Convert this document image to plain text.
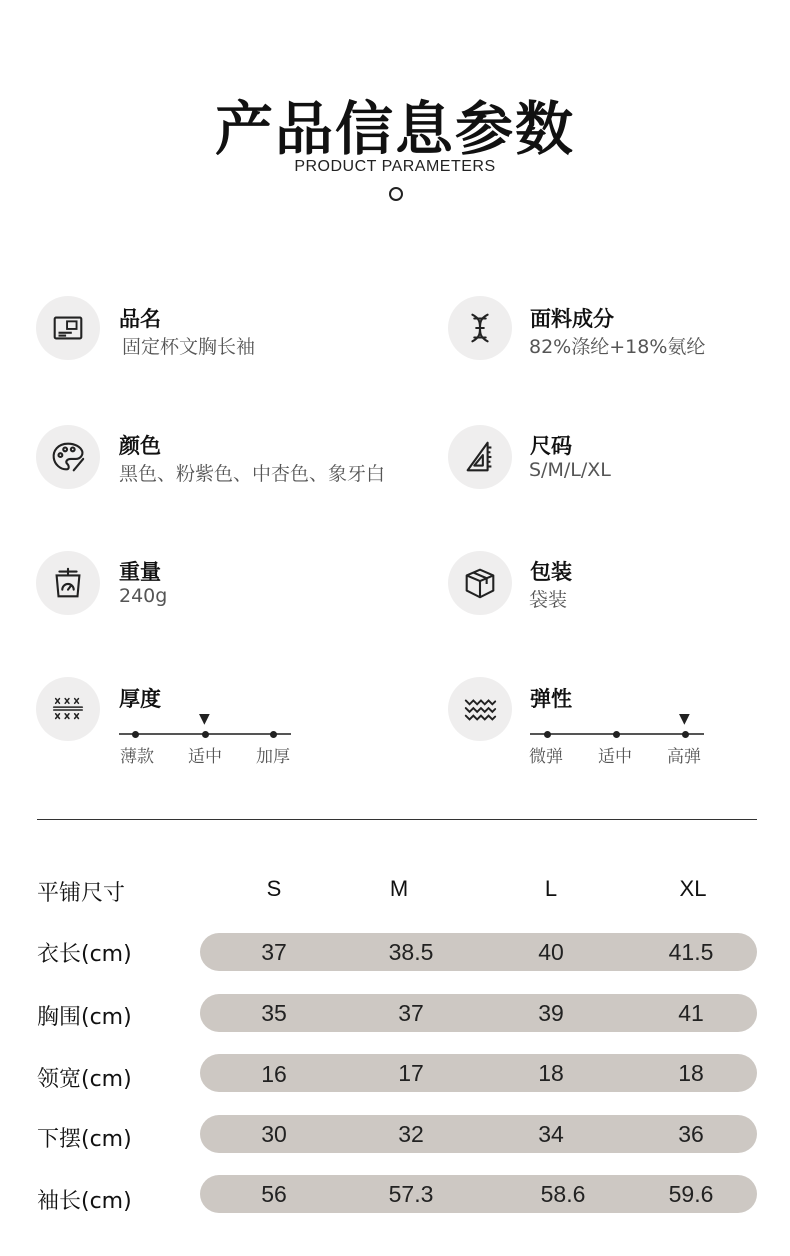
产品信息参数
PRODUCT PARAMETERS
品名
固定杯文胸长袖
面料成分
82%涤纶+18%氨纶
颜色
黑色、粉紫色、中杏色、象牙白
尺码
S/M/L/XL
重量
240g
包装
袋装
厚度
▼
薄款 适中 加厚
弹性
▼
微弹 适中 高弹
平铺尺寸	S	M	L	XL
衣长(cm)	37	38.5	40	41.5
胸围(cm)	35	37	39	41
领宽(cm)	16	17	18	18
下摆(cm)	30	32	34	36
袖长(cm)	56	57.3	58.6	59.6
